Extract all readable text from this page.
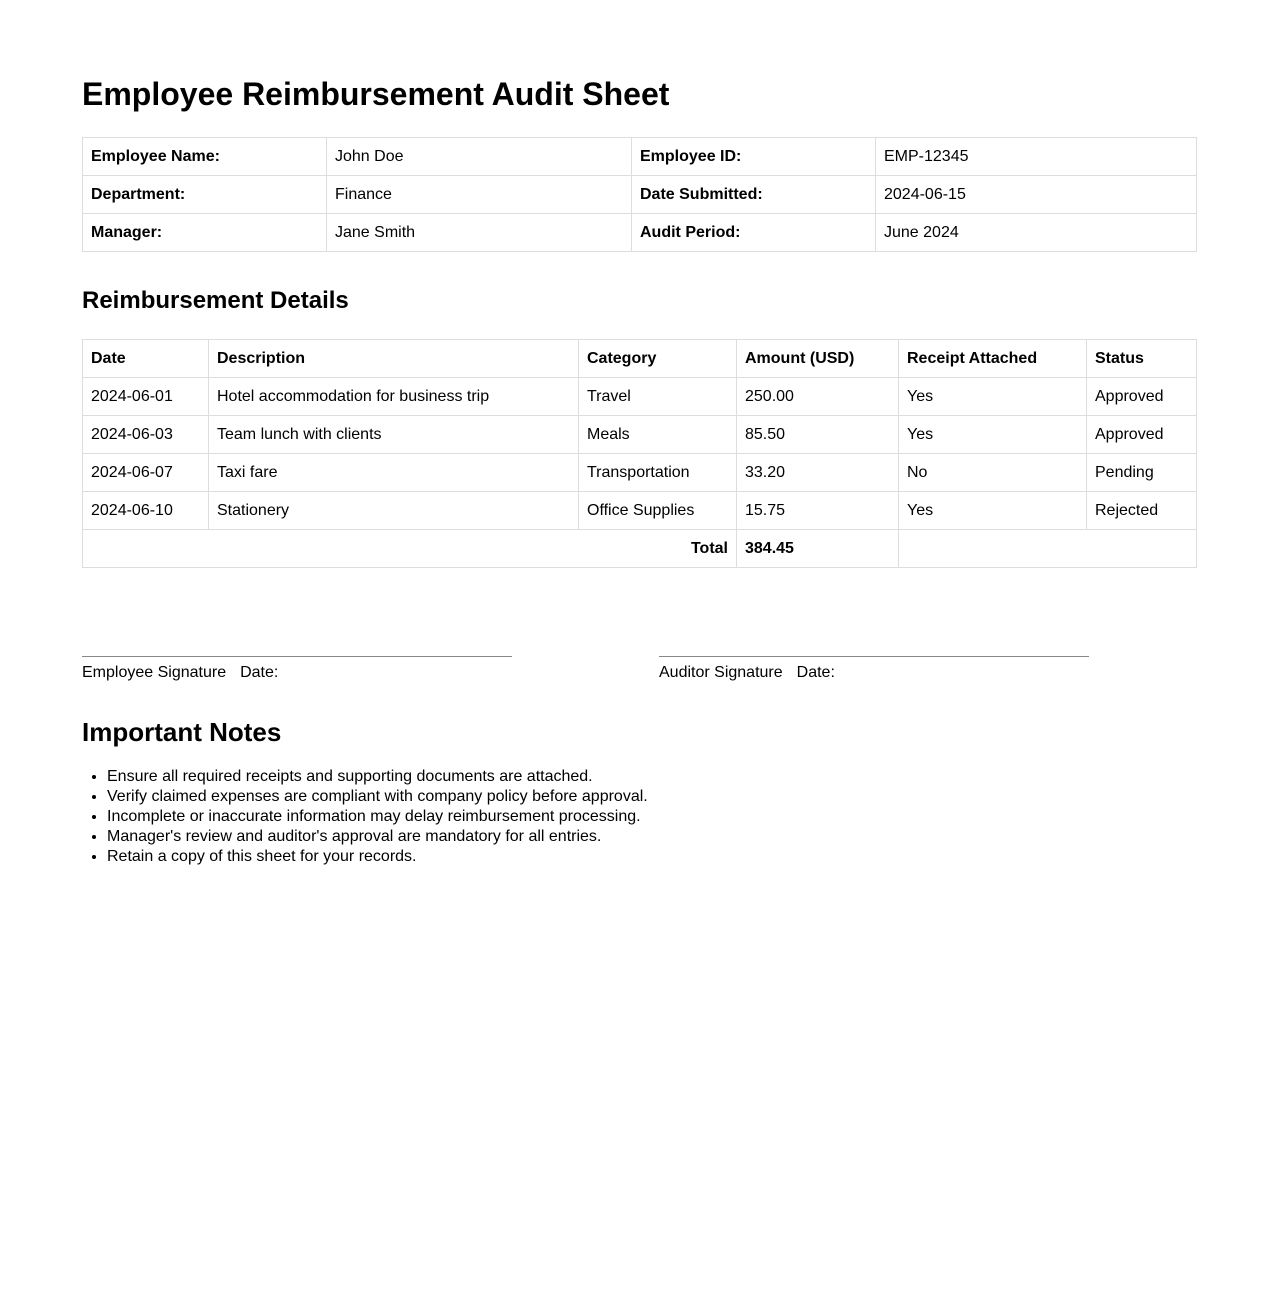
Employee Reimbursement Audit Sheet
Employee Name:	John Doe	Employee ID:	EMP-12345
Department:	Finance	Date Submitted:	2024-06-15
Manager:	Jane Smith	Audit Period:	June 2024
Reimbursement Details
Date	Description	Category	Amount (USD)	Receipt Attached	Status
2024-06-01	Hotel accommodation for business trip	Travel	250.00	Yes	Approved
2024-06-03	Team lunch with clients	Meals	85.50	Yes	Approved
2024-06-07	Taxi fare	Transportation	33.20	No	Pending
2024-06-10	Stationery	Office Supplies	15.75	Yes	Rejected
Total			384.45		
Employee Signature Date:	Auditor Signature Date:
Important Notes
• Ensure all required receipts and supporting documents are attached.
• Verify claimed expenses are compliant with company policy before approval.
• Incomplete or inaccurate information may delay reimbursement processing.
• Manager's review and auditor's approval are mandatory for all entries.
• Retain a copy of this sheet for your records.
